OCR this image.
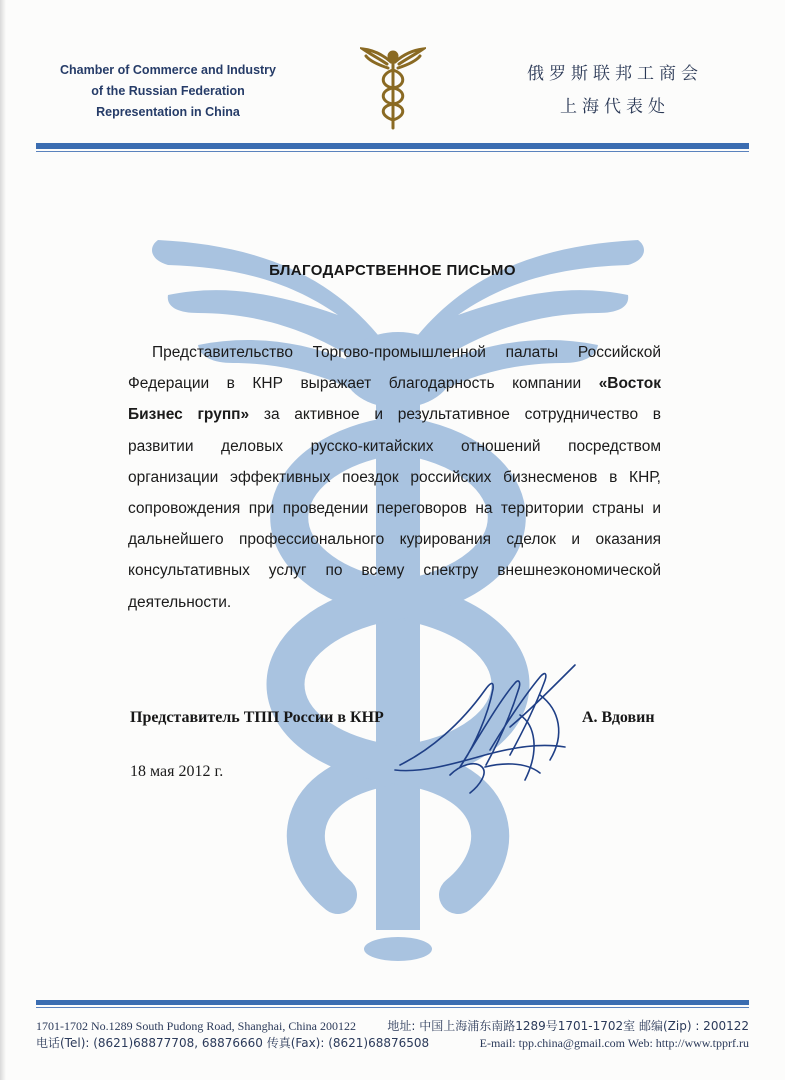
Chamber of Commerce and Industry
of the Russian Federation
Representation in China
俄罗斯联邦工商会
上海代表处
БЛАГОДАРСТВЕННОЕ ПИСЬМО
Представительство Торгово-промышленной палаты Российской
Федерации в КНР выражает благодарность компании «Восток
Бизнес групп» за активное и результативное сотрудничество в
развитии деловых русско-китайских отношений посредством
организации эффективных поездок российских бизнесменов в КНР,
сопровождения при проведении переговоров на территории страны и
дальнейшего профессионального курирования сделок и оказания
консультативных услуг по всему спектру внешнеэкономической
деятельности.
Представитель ТПП России в КНР	А. Вдовин
18 мая 2012 г.
1701-1702 No.1289 South Pudong Road, Shanghai, China 200122
电话(Tel): (8621)68877708, 68876660 传真(Fax): (8621)68876508
地址: 中国上海浦东南路1289号1701-1702室 邮编(Zip) : 200122
E-mail: tpp.china@gmail.com Web: http://www.tpprf.ru
